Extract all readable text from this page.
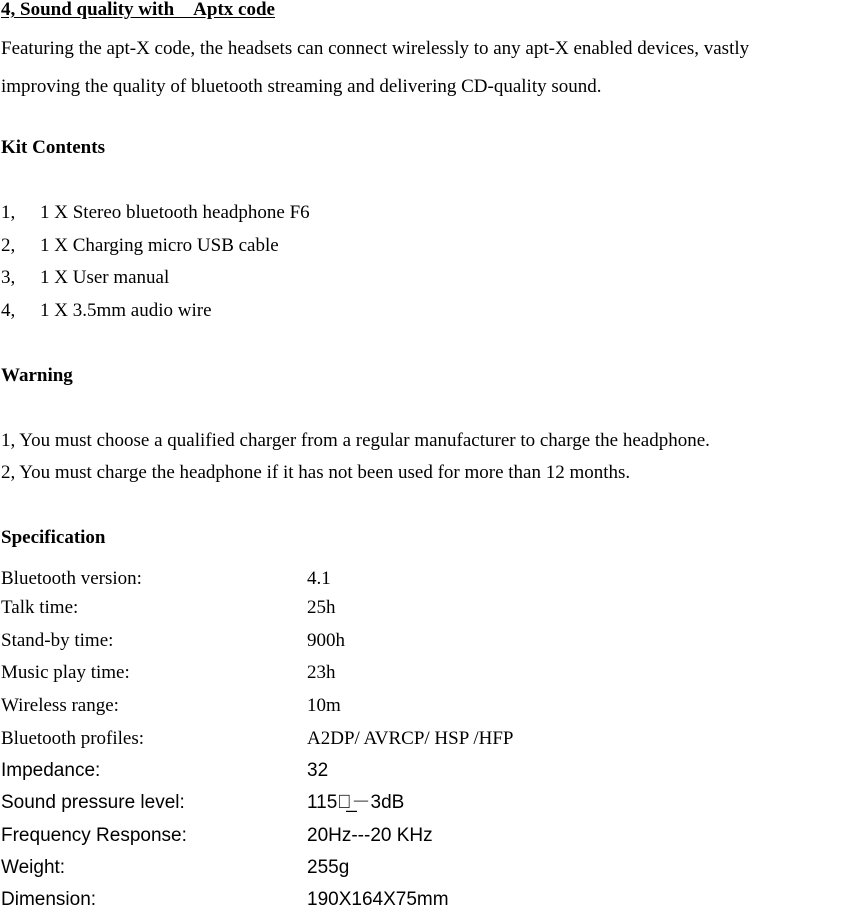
4, Sound quality with    Aptx code
Featuring the apt-X code, the headsets can connect wirelessly to any apt-X enabled devices, vastly
improving the quality of bluetooth streaming and delivering CD-quality sound.
Kit Contents
1, 1 X Stereo bluetooth headphone F6
2, 1 X Charging micro USB cable
3, 1 X User manual
4, 1 X 3.5mm audio wire
Warning
1, You must choose a qualified charger from a regular manufacturer to charge the headphone.
2, You must charge the headphone if it has not been used for more than 12 months.
Specification
Bluetooth version:	4.1
Talk time:	25h
Stand-by time:	900h
Music play time:	23h
Wireless range:	10m
Bluetooth profiles:	A2DP/ AVRCP/ HSP /HFP
Impedance:	32
Sound pressure level:	115＋̲－3dB
Frequency Response:	20Hz---20 KHz
Weight:	255g
Dimension:	190X164X75mm
